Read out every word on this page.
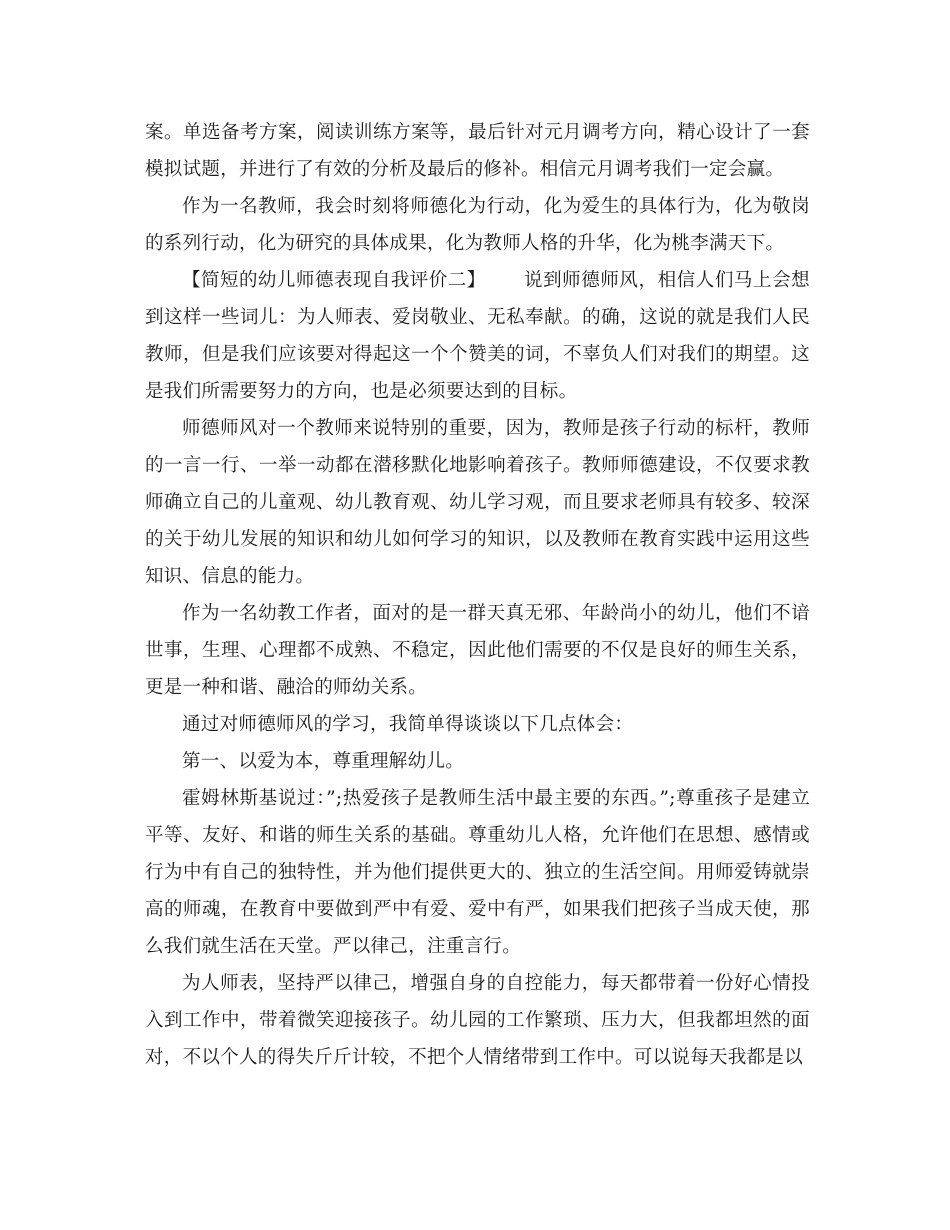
案。单选备考方案，阅读训练方案等，最后针对元月调考方向，精心设计了一套模拟试题，并进行了有效的分析及最后的修补。相信元月调考我们一定会赢。

作为一名教师，我会时刻将师德化为行动，化为爱生的具体行为，化为敬岗的系列行动，化为研究的具体成果，化为教师人格的升华，化为桃李满天下。

【简短的幼儿师德表现自我评价二】 说到师德师风，相信人们马上会想到这样一些词儿：为人师表、爱岗敬业、无私奉献。的确，这说的就是我们人民教师，但是我们应该要对得起这一个个赞美的词，不辜负人们对我们的期望。这是我们所需要努力的方向，也是必须要达到的目标。

师德师风对一个教师来说特别的重要，因为，教师是孩子行动的标杆，教师的一言一行、一举一动都在潜移默化地影响着孩子。教师师德建设，不仅要求教师确立自己的儿童观、幼儿教育观、幼儿学习观，而且要求老师具有较多、较深的关于幼儿发展的知识和幼儿如何学习的知识，以及教师在教育实践中运用这些知识、信息的能力。

作为一名幼教工作者，面对的是一群天真无邪、年龄尚小的幼儿，他们不谙世事，生理、心理都不成熟、不稳定，因此他们需要的不仅是良好的师生关系，更是一种和谐、融洽的师幼关系。

通过对师德师风的学习，我简单得谈谈以下几点体会：

第一、以爱为本，尊重理解幼儿。

霍姆林斯基说过：”;热爱孩子是教师生活中最主要的东西。”;尊重孩子是建立平等、友好、和谐的师生关系的基础。尊重幼儿人格，允许他们在思想、感情或行为中有自己的独特性，并为他们提供更大的、独立的生活空间。用师爱铸就崇高的师魂，在教育中要做到严中有爱、爱中有严，如果我们把孩子当成天使，那么我们就生活在天堂。严以律己，注重言行。

为人师表，坚持严以律己，增强自身的自控能力，每天都带着一份好心情投入到工作中，带着微笑迎接孩子。幼儿园的工作繁琐、压力大，但我都坦然的面对，不以个人的得失斤斤计较，不把个人情绪带到工作中。可以说每天我都是以
